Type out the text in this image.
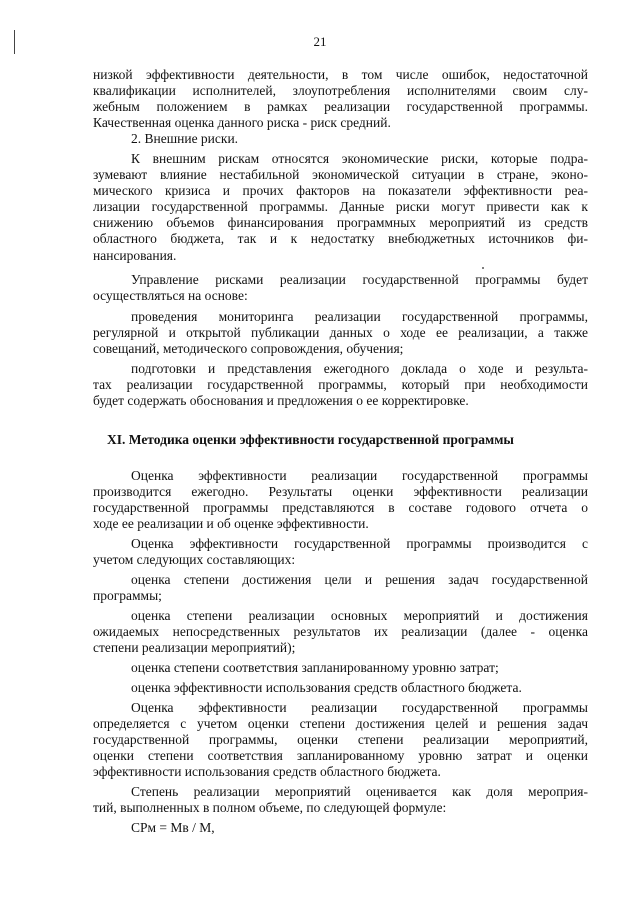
21

низкой эффективности деятельности, в том числе ошибок, недостаточной

квалификации исполнителей, злоупотребления исполнителями своим слу-

жебным положением в рамках реализации государственной программы.

Качественная оценка данного риска - риск средний.

2. Внешние риски.

К внешним рискам относятся экономические риски, которые подра-

зумевают влияние нестабильной экономической ситуации в стране, эконо-

мического кризиса и прочих факторов на показатели эффективности реа-

лизации государственной программы. Данные риски могут привести как к

снижению объемов финансирования программных мероприятий из средств

областного бюджета, так и к недостатку внебюджетных источников фи-

нансирования.

Управление рисками реализации государственной программы будет

осуществляться на основе:

проведения мониторинга реализации государственной программы,

регулярной и открытой публикации данных о ходе ее реализации, а также

совещаний, методического сопровождения, обучения;

подготовки и представления ежегодного доклада о ходе и результа-

тах реализации государственной программы, который при необходимости

будет содержать обоснования и предложения о ее корректировке.

XI. Методика оценки эффективности государственной программы

Оценка эффективности реализации государственной программы

производится ежегодно. Результаты оценки эффективности реализации

государственной программы представляются в составе годового отчета о

ходе ее реализации и об оценке эффективности.

Оценка эффективности государственной программы производится с

учетом следующих составляющих:

оценка степени достижения цели и решения задач государственной

программы;

оценка степени реализации основных мероприятий и достижения

ожидаемых непосредственных результатов их реализации (далее - оценка

степени реализации мероприятий);

оценка степени соответствия запланированному уровню затрат;

оценка эффективности использования средств областного бюджета.

Оценка эффективности реализации государственной программы

определяется с учетом оценки степени достижения целей и решения задач

государственной программы, оценки степени реализации мероприятий,

оценки степени соответствия запланированному уровню затрат и оценки

эффективности использования средств областного бюджета.

Степень реализации мероприятий оценивается как доля мероприя-

тий, выполненных в полном объеме, по следующей формуле:

СРм = Мв / М,
